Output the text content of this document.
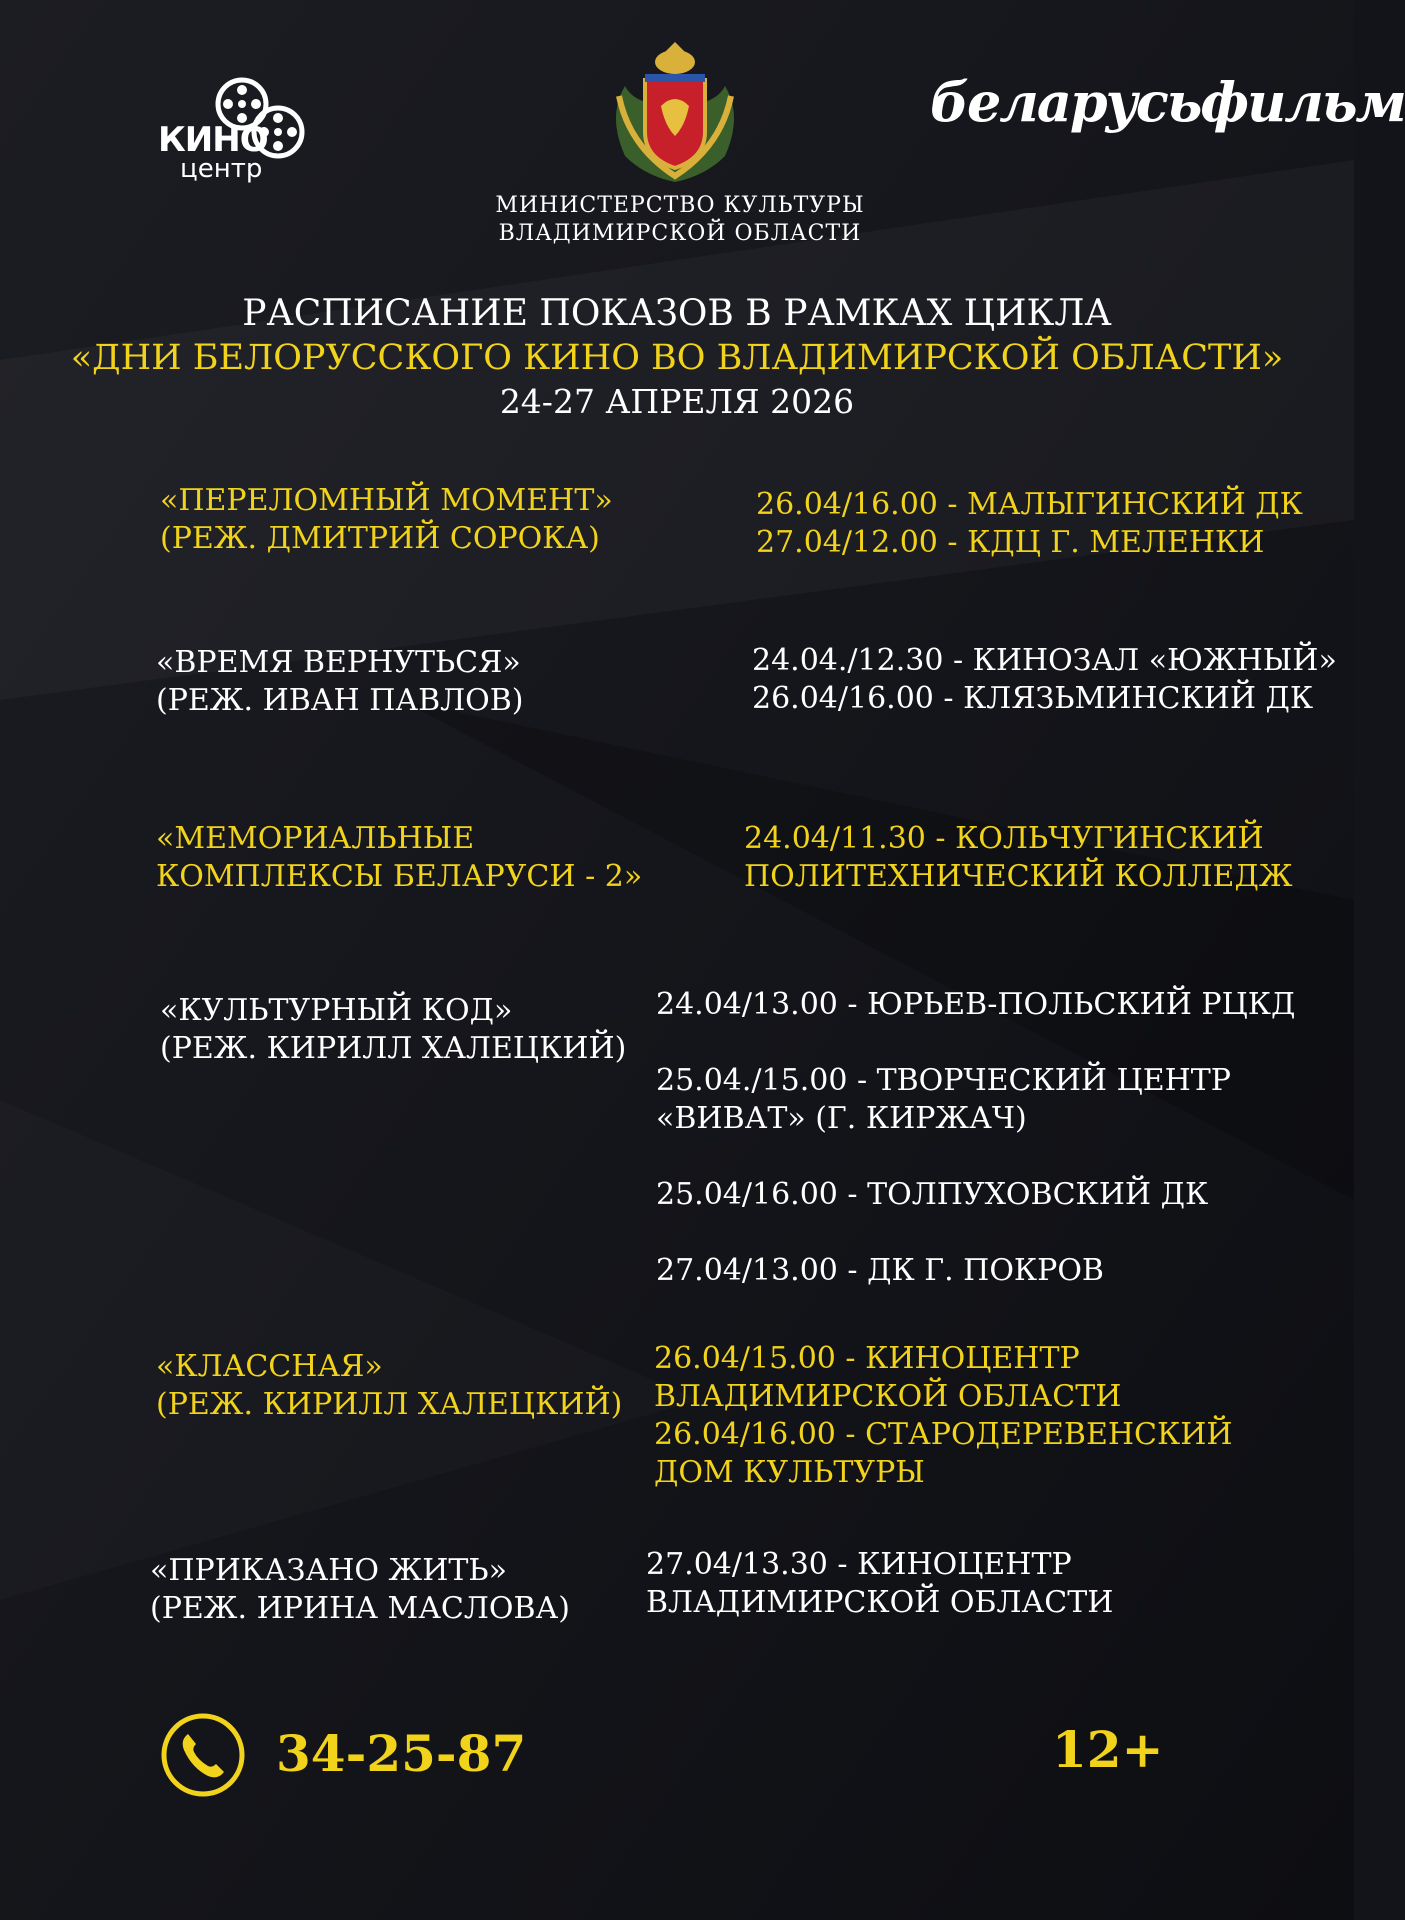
КИНО
центр
МИНИСТЕРСТВО КУЛЬТУРЫ
ВЛАДИМИРСКОЙ ОБЛАСТИ
беларусьфильм
РАСПИСАНИЕ ПОКАЗОВ В РАМКАХ ЦИКЛА
«ДНИ БЕЛОРУССКОГО КИНО ВО ВЛАДИМИРСКОЙ ОБЛАСТИ»
24-27 АПРЕЛЯ 2026
«ПЕРЕЛОМНЫЙ МОМЕНТ»
(РЕЖ. ДМИТРИЙ СОРОКА)
26.04/16.00 - МАЛЫГИНСКИЙ ДК
27.04/12.00 - КДЦ Г. МЕЛЕНКИ
«ВРЕМЯ ВЕРНУТЬСЯ»
(РЕЖ. ИВАН ПАВЛОВ)
24.04./12.30 - КИНОЗАЛ «ЮЖНЫЙ»
26.04/16.00 - КЛЯЗЬМИНСКИЙ ДК
«МЕМОРИАЛЬНЫЕ
КОМПЛЕКСЫ БЕЛАРУСИ - 2»
24.04/11.30 - КОЛЬЧУГИНСКИЙ
ПОЛИТЕХНИЧЕСКИЙ КОЛЛЕДЖ
«КУЛЬТУРНЫЙ КОД»
(РЕЖ. КИРИЛЛ ХАЛЕЦКИЙ)
24.04/13.00 - ЮРЬЕВ-ПОЛЬСКИЙ РЦКД
25.04./15.00 - ТВОРЧЕСКИЙ ЦЕНТР
«ВИВАТ» (Г. КИРЖАЧ)
25.04/16.00 - ТОЛПУХОВСКИЙ ДК
27.04/13.00 - ДК Г. ПОКРОВ
«КЛАССНАЯ»
(РЕЖ. КИРИЛЛ ХАЛЕЦКИЙ)
26.04/15.00 - КИНОЦЕНТР
ВЛАДИМИРСКОЙ ОБЛАСТИ
26.04/16.00 - СТАРОДЕРЕВЕНСКИЙ
ДОМ КУЛЬТУРЫ
«ПРИКАЗАНО ЖИТЬ»
(РЕЖ. ИРИНА МАСЛОВА)
27.04/13.30 - КИНОЦЕНТР
ВЛАДИМИРСКОЙ ОБЛАСТИ
34-25-87	12+
